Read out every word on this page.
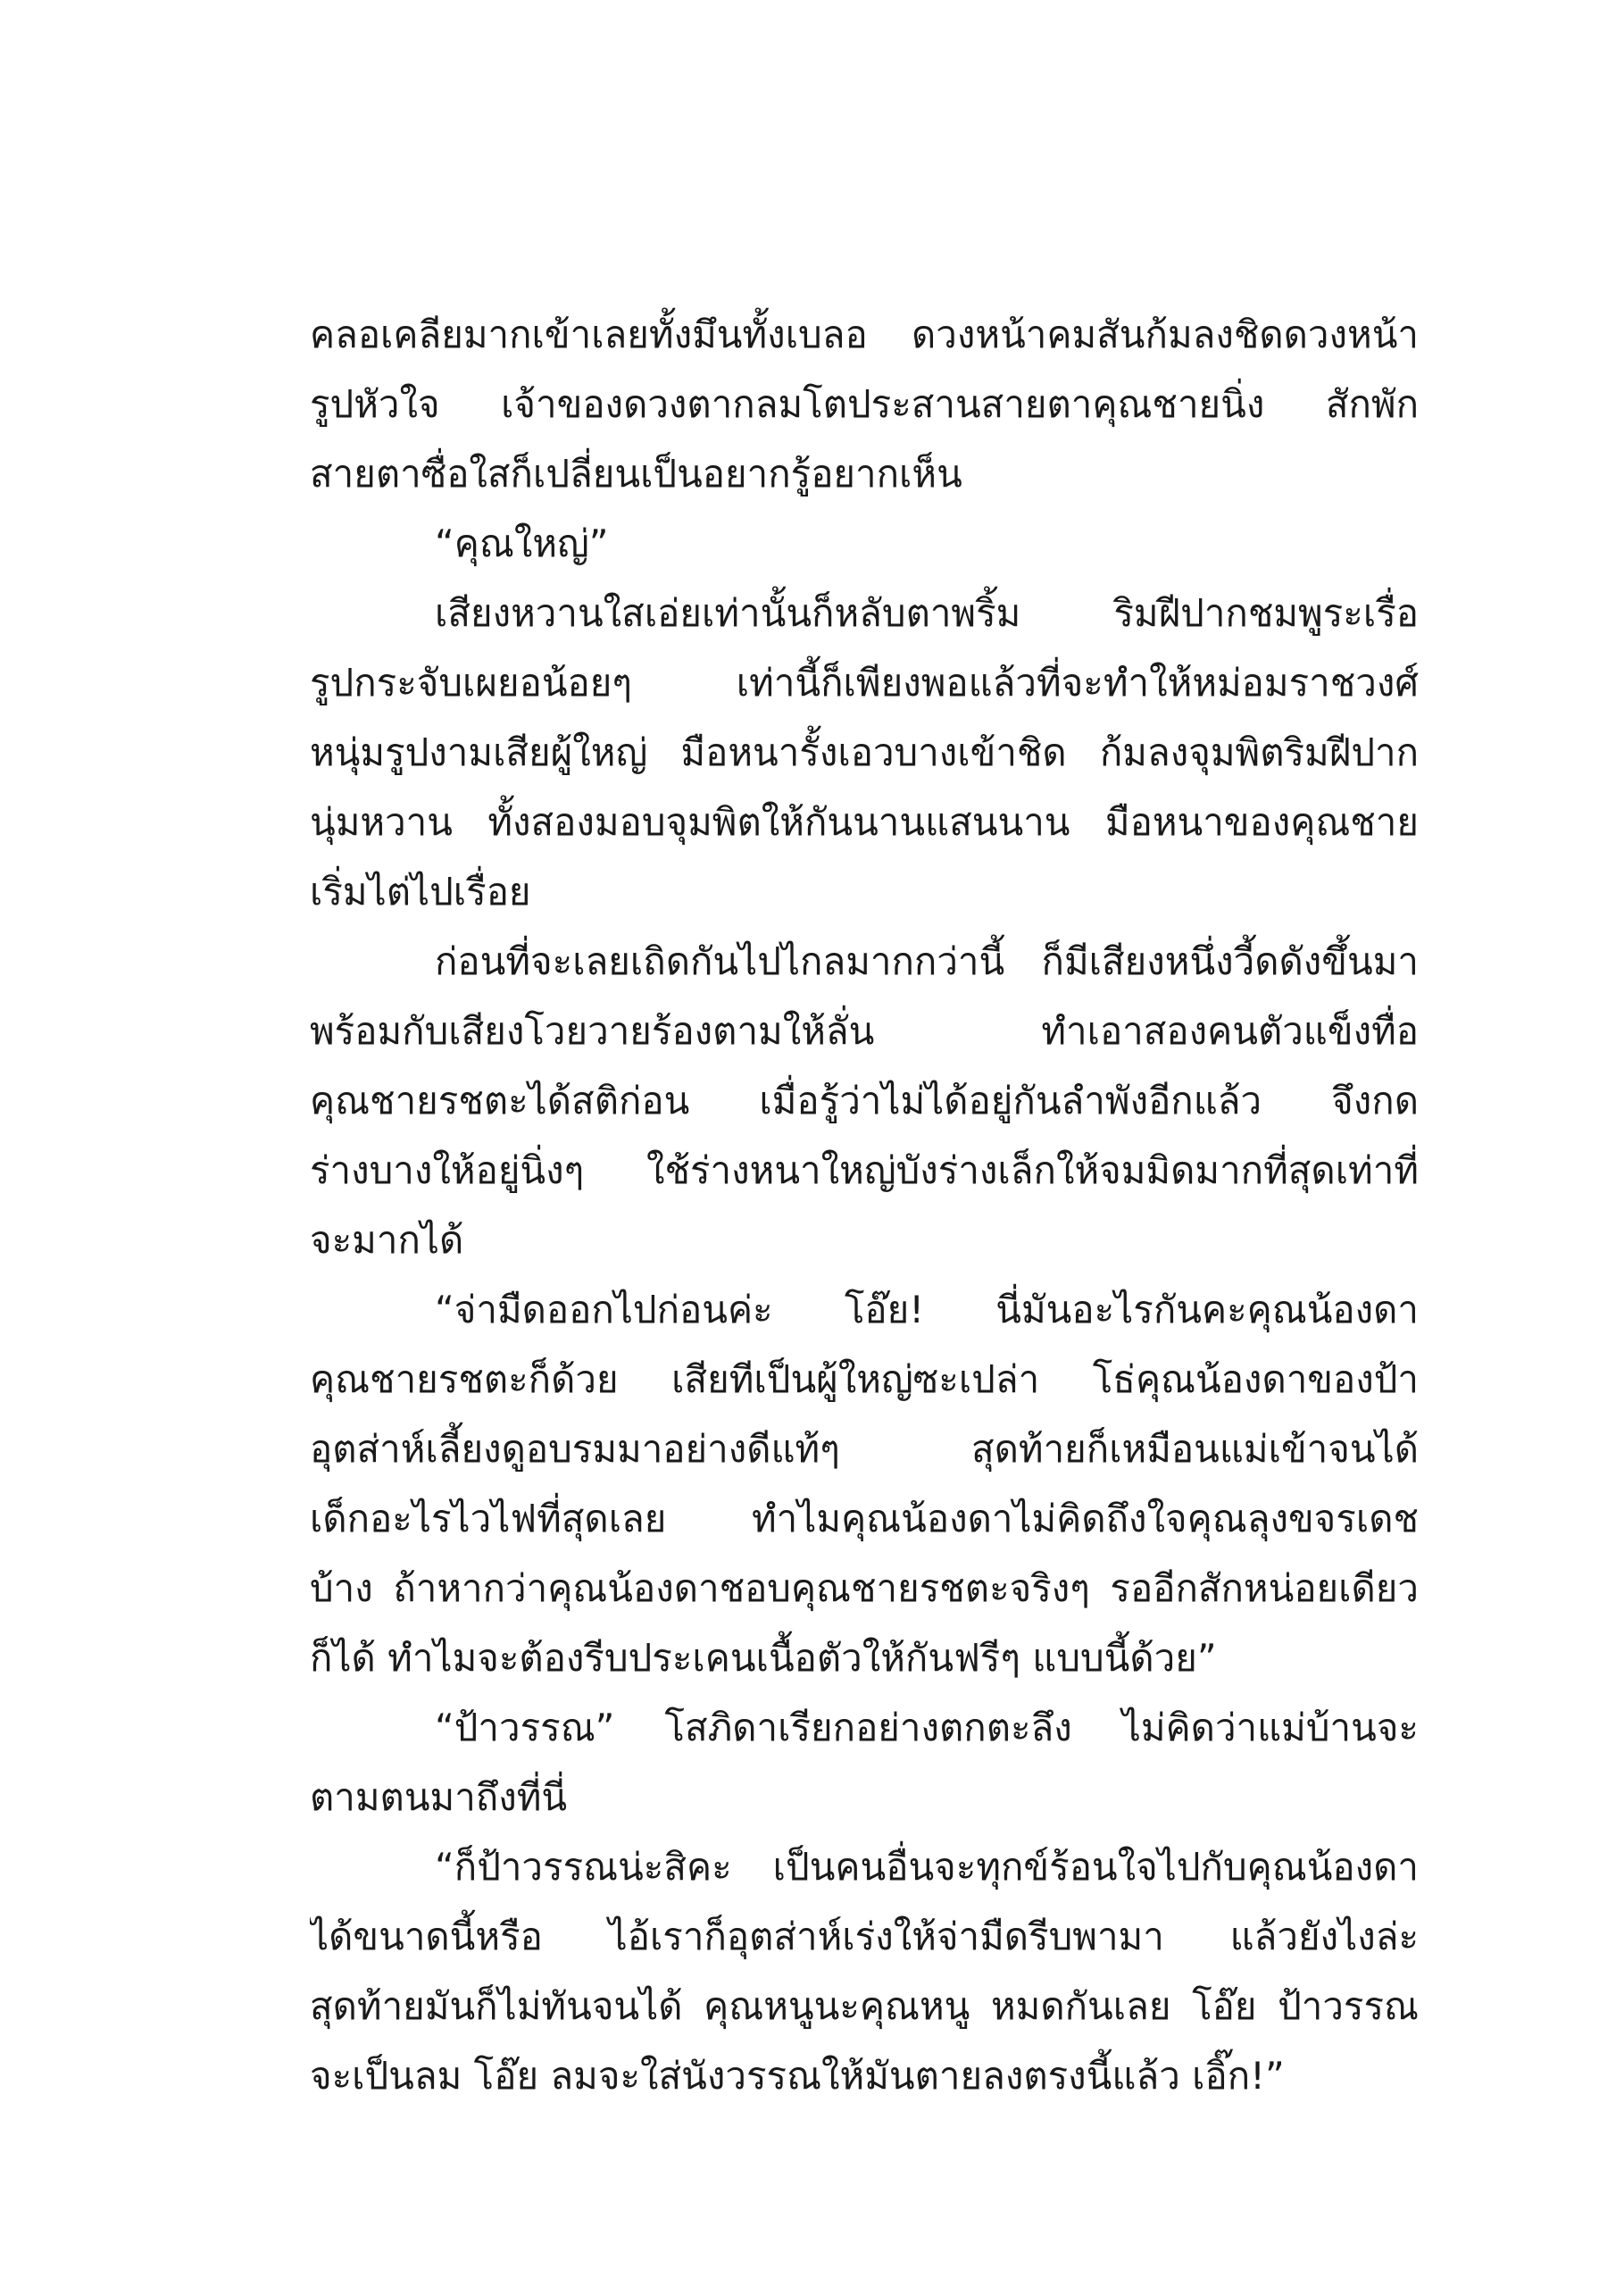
คลอเคลียมากเข้าเลยทั้งมึนทั้งเบลอ ดวงหน้าคมสันก้มลงชิดดวงหน้า
รูปหัวใจ เจ้าของดวงตากลมโตประสานสายตาคุณชายนิ่ง สักพัก
สายตาซื่อใสก็เปลี่ยนเป็นอยากรู้อยากเห็น
“คุณใหญ่”
เสียงหวานใสเอ่ยเท่านั้นก็หลับตาพริ้ม ริมฝีปากชมพูระเรื่อ
รูปกระจับเผยอน้อยๆ เท่านี้ก็เพียงพอแล้วที่จะทำให้หม่อมราชวงศ์
หนุ่มรูปงามเสียผู้ใหญ่ มือหนารั้งเอวบางเข้าชิด ก้มลงจุมพิตริมฝีปาก
นุ่มหวาน ทั้งสองมอบจุมพิตให้กันนานแสนนาน มือหนาของคุณชาย
เริ่มไต่ไปเรื่อย
ก่อนที่จะเลยเถิดกันไปไกลมากกว่านี้ ก็มีเสียงหนึ่งวี้ดดังขึ้นมา
พร้อมกับเสียงโวยวายร้องตามให้ลั่น ทำเอาสองคนตัวแข็งทื่อ
คุณชายรชตะได้สติก่อน เมื่อรู้ว่าไม่ได้อยู่กันลำพังอีกแล้ว จึงกด
ร่างบางให้อยู่นิ่งๆ ใช้ร่างหนาใหญ่บังร่างเล็กให้จมมิดมากที่สุดเท่าที่
จะมากได้
“จ่ามืดออกไปก่อนค่ะ โอ๊ย! นี่มันอะไรกันคะคุณน้องดา
คุณชายรชตะก็ด้วย เสียทีเป็นผู้ใหญ่ซะเปล่า โธ่คุณน้องดาของป้า
อุตส่าห์เลี้ยงดูอบรมมาอย่างดีแท้ๆ สุดท้ายก็เหมือนแม่เข้าจนได้
เด็กอะไรไวไฟที่สุดเลย ทำไมคุณน้องดาไม่คิดถึงใจคุณลุงขจรเดช
บ้าง ถ้าหากว่าคุณน้องดาชอบคุณชายรชตะจริงๆ รออีกสักหน่อยเดียว
ก็ได้ ทำไมจะต้องรีบประเคนเนื้อตัวให้กันฟรีๆ แบบนี้ด้วย”
“ป้าวรรณ” โสภิดาเรียกอย่างตกตะลึง ไม่คิดว่าแม่บ้านจะ
ตามตนมาถึงที่นี่
“ก็ป้าวรรณน่ะสิคะ เป็นคนอื่นจะทุกข์ร้อนใจไปกับคุณน้องดา
ได้ขนาดนี้หรือ ไอ้เราก็อุตส่าห์เร่งให้จ่ามืดรีบพามา แล้วยังไงล่ะ
สุดท้ายมันก็ไม่ทันจนได้ คุณหนูนะคุณหนู หมดกันเลย โอ๊ย ป้าวรรณ
จะเป็นลม โอ๊ย ลมจะใส่นังวรรณให้มันตายลงตรงนี้แล้ว เอิ๊ก!”
